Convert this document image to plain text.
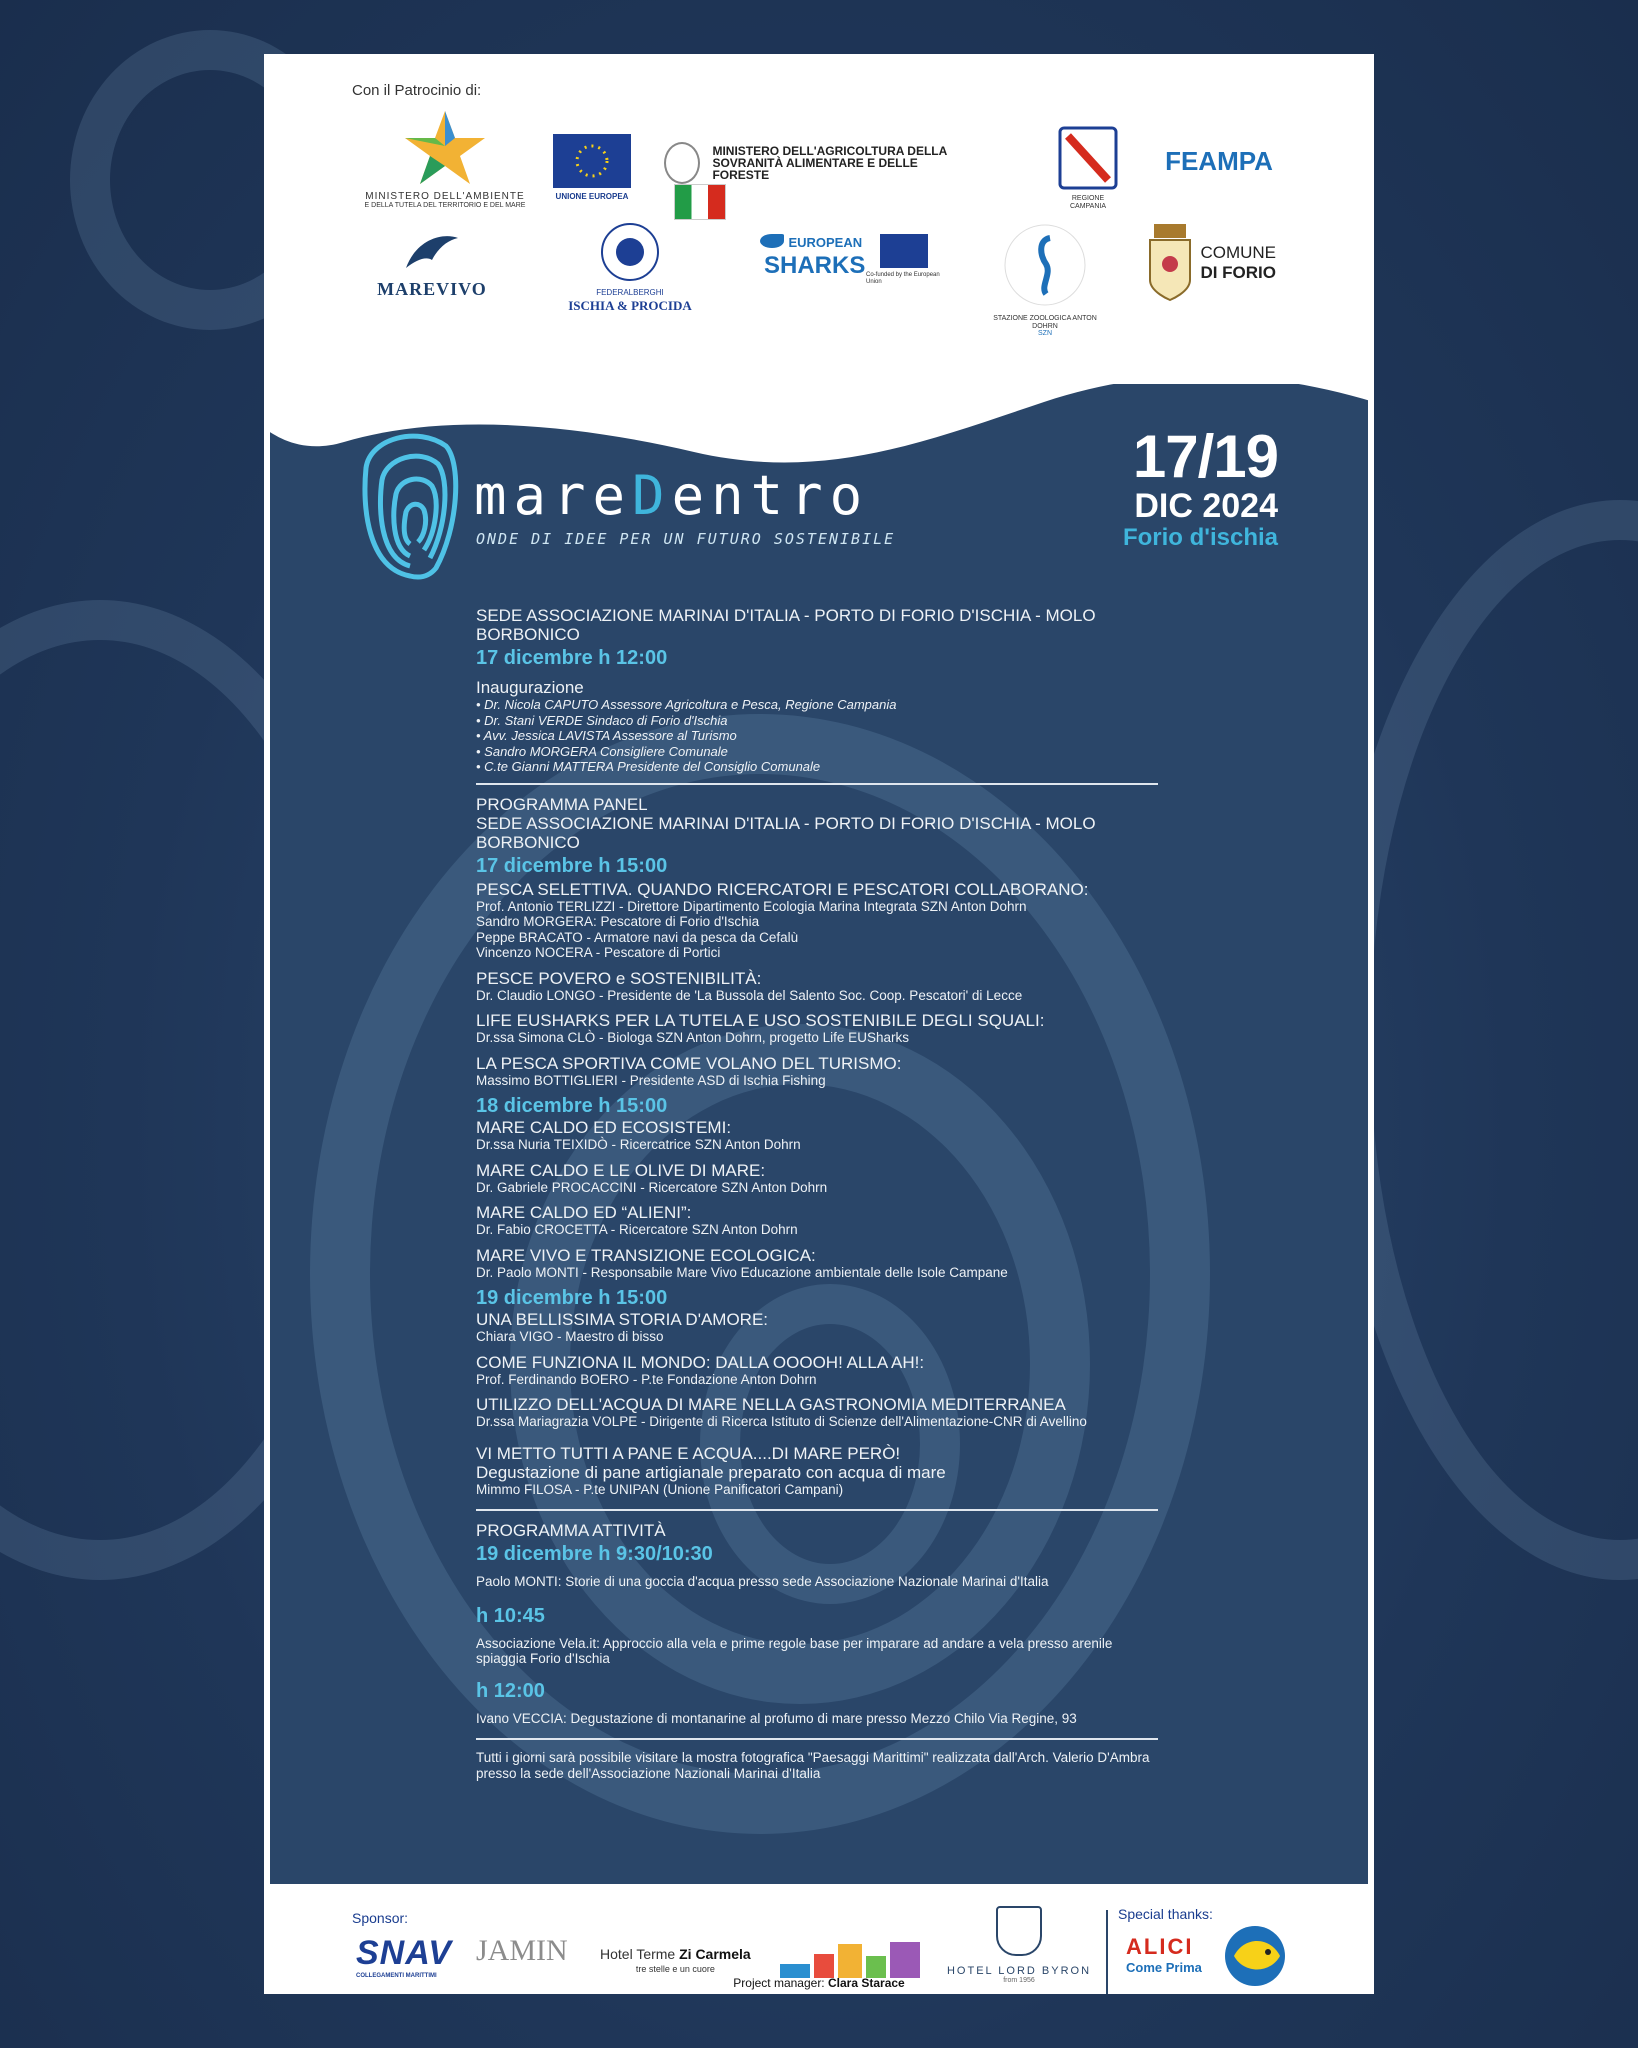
Con il Patrocinio di:
MINISTERO DELL'AMBIENTE
E DELLA TUTELA DEL TERRITORIO E DEL MARE
UNIONE EUROPEA
MINISTERO DELL'AGRICOLTURA DELLA SOVRANITÀ ALIMENTARE E DELLE FORESTE
REGIONE CAMPANIA
FEAMPA
MAREVIVO	FEDERALBERGHI
ISCHIA & PROCIDA
EUROPEAN
SHARKS Co-funded by the European Union
STAZIONE ZOOLOGICA ANTON DOHRN
SZN

COMUNE
DI FORIO
mareDentro
ONDE DI IDEE PER UN FUTURO SOSTENIBILE
17/19
DIC 2024
Forio d'ischia
SEDE ASSOCIAZIONE MARINAI D'ITALIA - PORTO DI FORIO D'ISCHIA - MOLO BORBONICO
17 dicembre h 12:00
Inaugurazione
• Dr. Nicola CAPUTO Assessore Agricoltura e Pesca, Regione Campania
• Dr. Stani VERDE Sindaco di Forio d'Ischia
• Avv. Jessica LAVISTA Assessore al Turismo
• Sandro MORGERA Consigliere Comunale
• C.te Gianni MATTERA Presidente del Consiglio Comunale
PROGRAMMA PANEL
SEDE ASSOCIAZIONE MARINAI D'ITALIA - PORTO DI FORIO D'ISCHIA - MOLO BORBONICO
17 dicembre h 15:00
PESCA SELETTIVA. QUANDO RICERCATORI E PESCATORI COLLABORANO:
Prof. Antonio TERLIZZI - Direttore Dipartimento Ecologia Marina Integrata SZN Anton Dohrn
Sandro MORGERA: Pescatore di Forio d'Ischia
Peppe BRACATO - Armatore navi da pesca da Cefalù
Vincenzo NOCERA - Pescatore di Portici
PESCE POVERO e SOSTENIBILITÀ:
Dr. Claudio LONGO - Presidente de 'La Bussola del Salento Soc. Coop. Pescatori' di Lecce
LIFE EUSHARKS PER LA TUTELA E USO SOSTENIBILE DEGLI SQUALI:
Dr.ssa Simona CLÒ - Biologa SZN Anton Dohrn, progetto Life EUSharks
LA PESCA SPORTIVA COME VOLANO DEL TURISMO:
Massimo BOTTIGLIERI - Presidente ASD di Ischia Fishing
18 dicembre h 15:00
MARE CALDO ED ECOSISTEMI:
Dr.ssa Nuria TEIXIDÒ - Ricercatrice SZN Anton Dohrn
MARE CALDO E LE OLIVE DI MARE:
Dr. Gabriele PROCACCINI - Ricercatore SZN Anton Dohrn
MARE CALDO ED “ALIENI”:
Dr. Fabio CROCETTA - Ricercatore SZN Anton Dohrn
MARE VIVO E TRANSIZIONE ECOLOGICA:
Dr. Paolo MONTI - Responsabile Mare Vivo Educazione ambientale delle Isole Campane
19 dicembre h 15:00
UNA BELLISSIMA STORIA D'AMORE:
Chiara VIGO - Maestro di bisso
COME FUNZIONA IL MONDO: DALLA OOOOH! ALLA AH!:
Prof. Ferdinando BOERO - P.te Fondazione Anton Dohrn
UTILIZZO DELL'ACQUA DI MARE NELLA GASTRONOMIA MEDITERRANEA
Dr.ssa Mariagrazia VOLPE - Dirigente di Ricerca Istituto di Scienze dell'Alimentazione-CNR di Avellino
VI METTO TUTTI A PANE E ACQUA....DI MARE PERÒ!
Degustazione di pane artigianale preparato con acqua di mare
Mimmo FILOSA - P.te UNIPAN (Unione Panificatori Campani)
PROGRAMMA ATTIVITÀ
19 dicembre h 9:30/10:30
Paolo MONTI: Storie di una goccia d'acqua presso sede Associazione Nazionale Marinai d'Italia
h 10:45
Associazione Vela.it: Approccio alla vela e prime regole base per imparare ad andare a vela presso arenile spiaggia Forio d'Ischia
h 12:00
Ivano VECCIA: Degustazione di montanarine al profumo di mare presso Mezzo Chilo Via Regine, 93
Tutti i giorni sarà possibile visitare la mostra fotografica "Paesaggi Marittimi" realizzata dall'Arch. Valerio D'Ambra presso la sede dell'Associazione Nazionali Marinai d'Italia
Sponsor:
SNAV
COLLEGAMENTI MARITTIMI
JAMIN Hotel Terme Zi Carmela
tre stelle e un cuore	HOTEL LORD BYRON
from 1956
Special thanks:
ALICI
Come Prima
Project manager: Clara Starace
